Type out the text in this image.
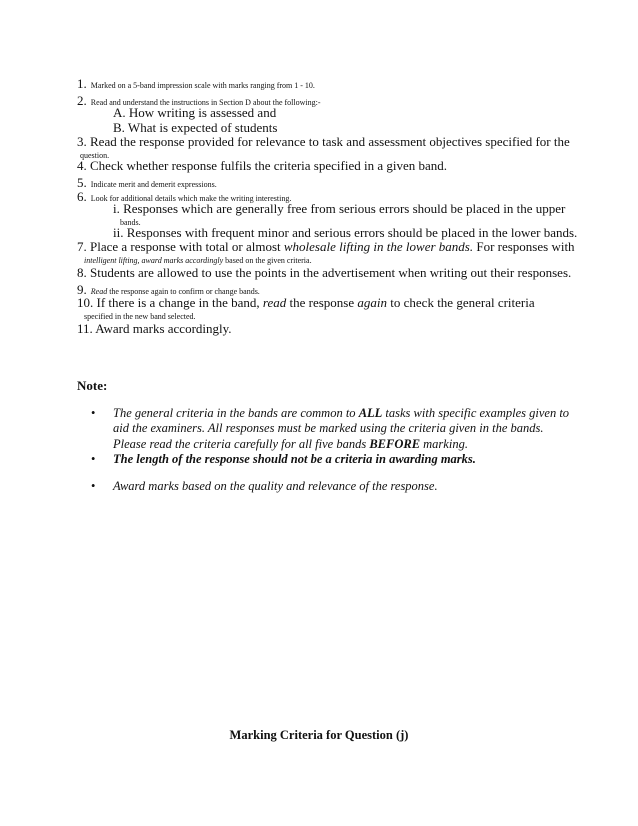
1. Marked on a 5-band impression scale with marks ranging from 1 - 10.
2. Read and understand the instructions in Section D about the following:-
A. How writing is assessed and
B. What is expected of students
3. Read the response provided for relevance to task and assessment objectives specified for the
question.
4. Check whether response fulfils the criteria specified in a given band.
5. Indicate merit and demerit expressions.
6. Look for additional details which make the writing interesting.
i. Responses which are generally free from serious errors should be placed in the upper
bands.
ii. Responses with frequent minor and serious errors should be placed in the lower bands.
7. Place a response with total or almost wholesale lifting in the lower bands. For responses with
intelligent lifting, award marks accordingly based on the given criteria.
8. Students are allowed to use the points in the advertisement when writing out their responses.
9. Read the response again to confirm or change bands.
10. If there is a change in the band, read the response again to check the general criteria
specified in the new band selected.
11. Award marks accordingly.
Note:
• The general criteria in the bands are common to ALL tasks with specific examples given to aid the examiners. All responses must be marked using the criteria given in the bands. Please read the criteria carefully for all five bands BEFORE marking.
• The length of the response should not be a criteria in awarding marks.
• Award marks based on the quality and relevance of the response.
Marking Criteria for Question (j)
